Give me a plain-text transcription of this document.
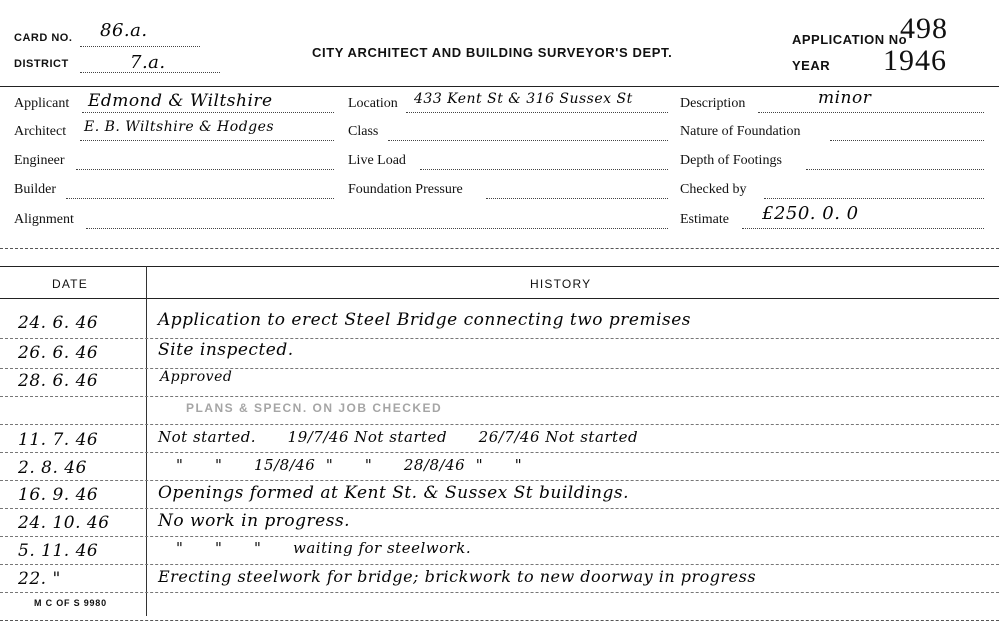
CARD NO. 86.a.
DISTRICT	7.a.	CITY ARCHITECT AND BUILDING SURVEYOR'S DEPT.
APPLICATION No
498
YEAR 1946
Applicant Edmond & Wiltshire
Architect E. B. Wiltshire & Hodges
Engineer
Builder
Alignment
Location 433 Kent St & 316 Sussex St
Class
Live Load
Foundation Pressure
Description	minor
Nature of Foundation
Depth of Footings
Checked by
Estimate £250. 0. 0
DATE	HISTORY
24. 6. 46	Application to erect Steel Bridge connecting two premises
26. 6. 46	Site inspected.
28. 6. 46	Approved
PLANS & SPECN. ON JOB CHECKED
11. 7. 46	Not started.      19/7/46 Not started      26/7/46 Not started
2. 8. 46	"      "      15/8/46  "      "      28/8/46  "      "
16. 9. 46	Openings formed at Kent St. & Sussex St buildings.
24. 10. 46	No work in progress.
5. 11. 46	"      "      "      waiting for steelwork.
22. "	Erecting steelwork for bridge; brickwork to new doorway in progress
M C OF S 9980
